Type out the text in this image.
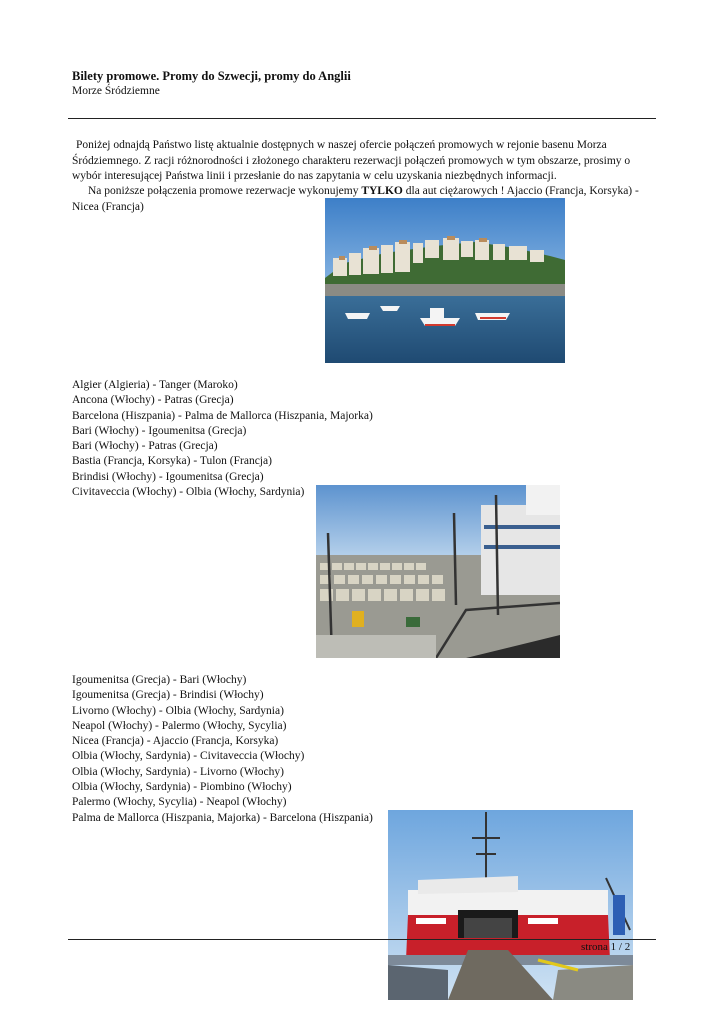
Bilety promowe. Promy do Szwecji, promy do Anglii
Morze Śródziemne
Poniżej odnajdą Państwo listę aktualnie dostępnych w naszej ofercie połączeń promowych w rejonie basenu Morza Śródziemnego. Z racji różnorodności i złożonego charakteru rezerwacji połączeń promowych w tym obszarze, prosimy o wybór interesującej Państwa linii i przesłanie do nas zapytania w celu uzyskania niezbędnych informacji.
Na poniższe połączenia promowe rezerwacje wykonujemy TYLKO dla aut ciężarowych ! Ajaccio (Francja, Korsyka) - Nicea (Francja)
Algier (Algieria) - Tanger (Maroko)
Ancona (Włochy) - Patras (Grecja)
Barcelona (Hiszpania) - Palma de Mallorca (Hiszpania, Majorka)
Bari (Włochy) - Igoumenitsa (Grecja)
Bari (Włochy) - Patras (Grecja)
Bastia (Francja, Korsyka) - Tulon (Francja)
Brindisi (Włochy) - Igoumenitsa (Grecja)
Civitaveccia (Włochy) - Olbia (Włochy, Sardynia)
Igoumenitsa (Grecja) - Bari (Włochy)
Igoumenitsa (Grecja) - Brindisi (Włochy)
Livorno (Włochy) - Olbia (Włochy, Sardynia)
Neapol (Włochy) - Palermo (Włochy, Sycylia)
Nicea (Francja) - Ajaccio (Francja, Korsyka)
Olbia (Włochy, Sardynia) - Civitaveccia (Włochy)
Olbia (Włochy, Sardynia) - Livorno (Włochy)
Olbia (Włochy, Sardynia) - Piombino (Włochy)
Palermo (Włochy, Sycylia) - Neapol (Włochy)
Palma de Mallorca (Hiszpania, Majorka) - Barcelona (Hiszpania)
strona 1 / 2
